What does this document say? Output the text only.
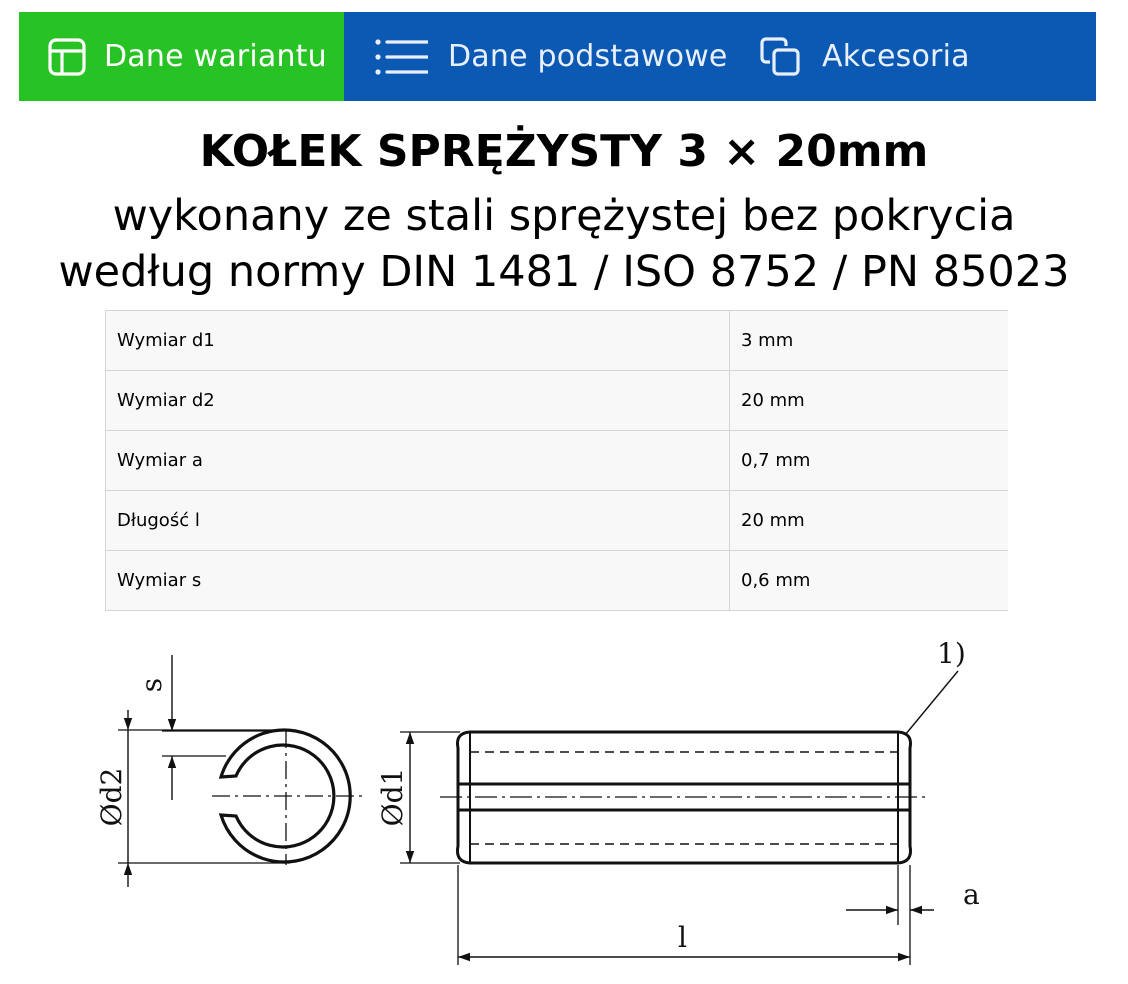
Dane wariantu	Dane podstawowe	Akcesoria
KOŁEK SPRĘŻYSTY 3 × 20mm
wykonany ze stali sprężystej bez pokrycia
według normy DIN 1481 / ISO 8752 / PN 85023
Wymiar d1	3 mm
Wymiar d2	20 mm
Wymiar a	0,7 mm
Długość l	20 mm
Wymiar s	0,6 mm
s
Ød2	Ød1
1)
a
l
